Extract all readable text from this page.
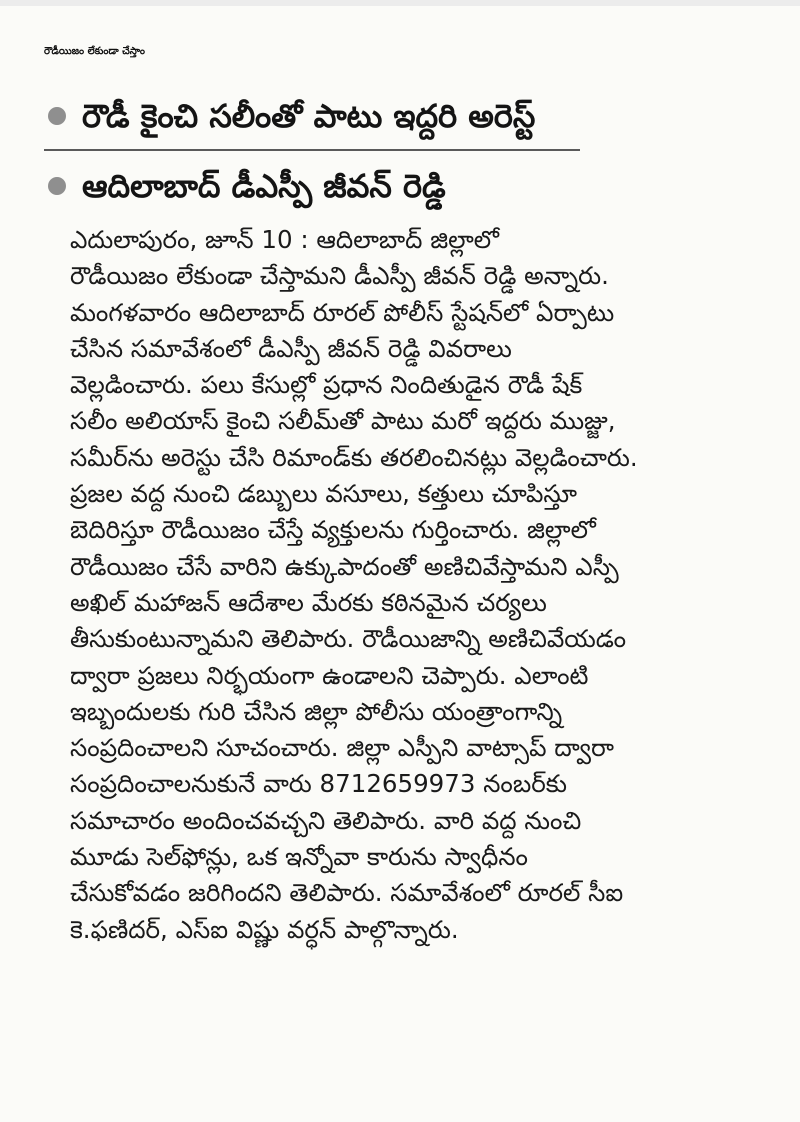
రౌడీయిజం లేకుండా చేస్తాం
రౌడీ కైంచి సలీంతో పాటు ఇద్దరి అరెస్ట్
ఆదిలాబాద్ డీఎస్పీ జీవన్ రెడ్డి
ఎదులాపురం, జూన్ 10 : ఆదిలాబాద్ జిల్లాలో
రౌడీయిజం లేకుండా చేస్తామని డీఎస్పీ జీవన్ రెడ్డి అన్నారు.
మంగళవారం ఆదిలాబాద్ రూరల్ పోలీస్ స్టేషన్‌లో ఏర్పాటు
చేసిన సమావేశంలో డీఎస్పీ జీవన్ రెడ్డి వివరాలు
వెల్లడించారు. పలు కేసుల్లో ప్రధాన నిందితుడైన రౌడీ షేక్
సలీం అలియాస్ కైంచి సలీమ్‌తో పాటు మరో ఇద్దరు ముజ్జు,
సమీర్‌ను అరెస్టు చేసి రిమాండ్‌కు తరలించినట్లు వెల్లడించారు.
ప్రజల వద్ద నుంచి డబ్బులు వసూలు, కత్తులు చూపిస్తూ
బెదిరిస్తూ రౌడీయిజం చేస్తే వ్యక్తులను గుర్తించారు. జిల్లాలో
రౌడీయిజం చేసే వారిని ఉక్కుపాదంతో అణిచివేస్తామని ఎస్పీ
అఖిల్ మహాజన్ ఆదేశాల మేరకు కఠినమైన చర్యలు
తీసుకుంటున్నామని తెలిపారు. రౌడీయిజాన్ని అణిచివేయడం
ద్వారా ప్రజలు నిర్భయంగా ఉండాలని చెప్పారు. ఎలాంటి
ఇబ్బందులకు గురి చేసిన జిల్లా పోలీసు యంత్రాంగాన్ని
సంప్రదించాలని సూచంచారు. జిల్లా ఎస్పీని వాట్సాప్ ద్వారా
సంప్రదించాలనుకునే వారు 8712659973 నంబర్‌కు
సమాచారం అందించవచ్చని తెలిపారు. వారి వద్ద నుంచి
మూడు సెల్‌ఫోన్లు, ఒక ఇన్నోవా కారును స్వాధీనం
చేసుకోవడం జరిగిందని తెలిపారు. సమావేశంలో రూరల్ సీఐ
కె.ఫణిదర్, ఎస్ఐ విష్ణు వర్ధన్ పాల్గొన్నారు.
